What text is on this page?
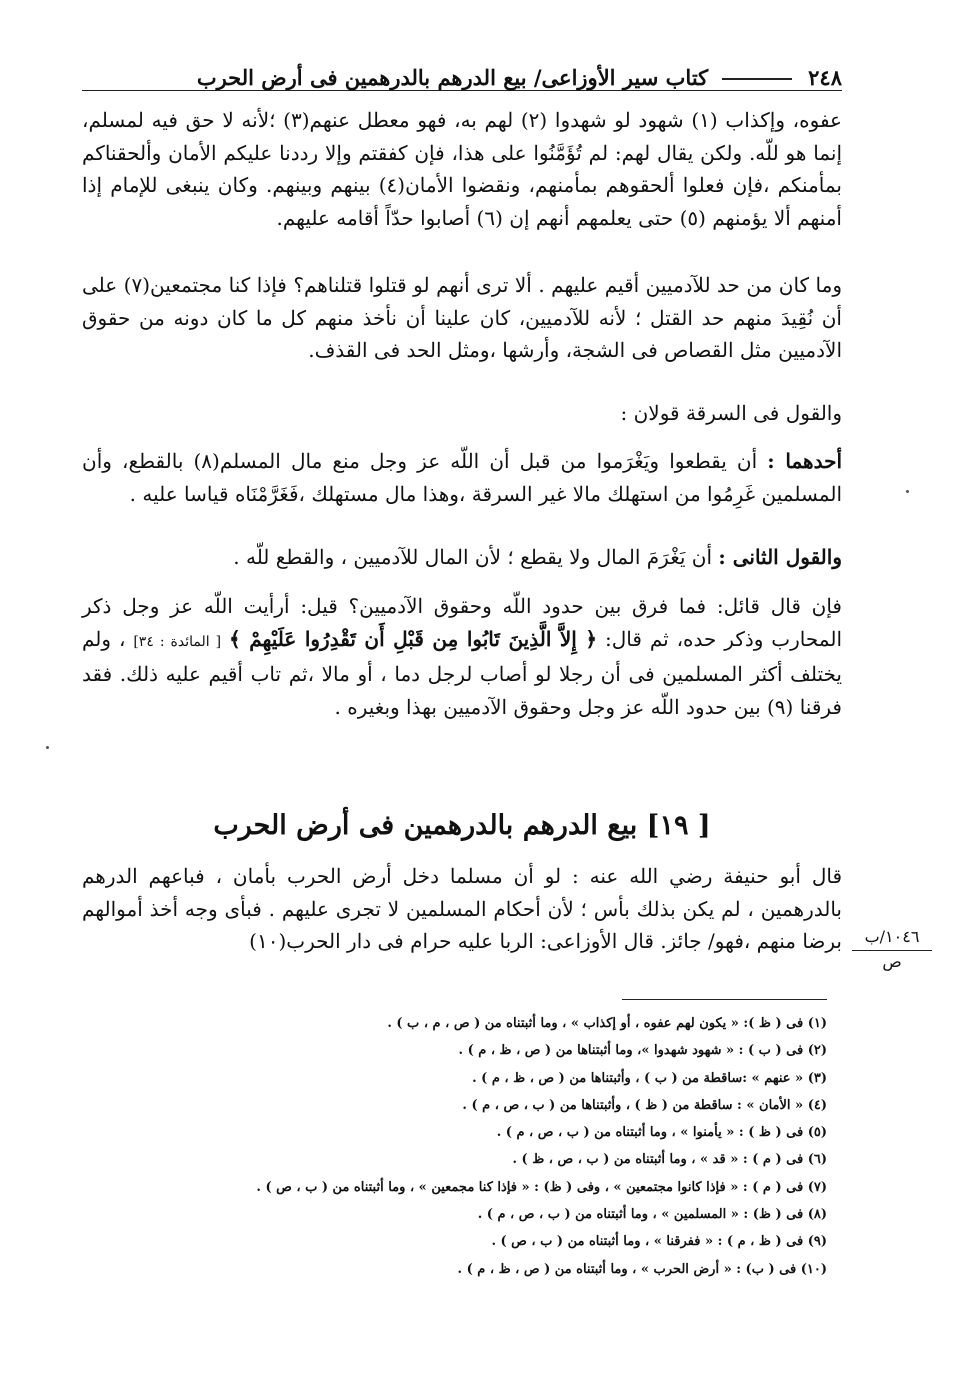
٢٤٨
كتاب سير الأوزاعى/ بيع الدرهم بالدرهمين فى أرض الحرب
عفوه، وإكذاب (١) شهود لو شهدوا (٢) لهم به، فهو معطل عنهم(٣) ؛لأنه لا حق فيه لمسلم، إنما هو للّه. ولكن يقال لهم: لم تُؤَمَّنُوا على هذا، فإن كفقتم وإلا رددنا عليكم الأمان وألحقناكم بمأمنكم ،فإن فعلوا ألحقوهم بمأمنهم، ونقضوا الأمان(٤) بينهم وبينهم. وكان ينبغى للإمام إذا أمنهم ألا يؤمنهم (٥) حتى يعلمهم أنهم إن (٦) أصابوا حدّاً أقامه عليهم.
وما كان من حد للآدميين أقيم عليهم . ألا ترى أنهم لو قتلوا قتلناهم؟ فإذا كنا مجتمعين(٧) على أن نُقِيدَ منهم حد القتل ؛ لأنه للآدميين، كان علينا أن نأخذ منهم كل ما كان دونه من حقوق الآدميين مثل القصاص فى الشجة، وأرشها ،ومثل الحد فى القذف.
والقول فى السرقة قولان :
أحدهما : أن يقطعوا ويَغْرَموا من قبل أن اللّه عز وجل منع مال المسلم(٨) بالقطع، وأن المسلمين غَرِمُوا من استهلك مالا غير السرقة ،وهذا مال مستهلك ،فَغَرَّمْنَاه قياسا عليه .
والقول الثانى : أن يَغْرَمَ المال ولا يقطع ؛ لأن المال للآدميين ، والقطع للّه .
فإن قال قائل: فما فرق بين حدود اللّه وحقوق الآدميين؟ قيل: أرأيت اللّه عز وجل ذكر المحارب وذكر حده، ثم قال: ﴿ إِلاَّ الَّذِينَ تَابُوا مِن قَبْلِ أَن تَقْدِرُوا عَلَيْهِمْ ﴾ [ المائدة : ٣٤] ، ولم يختلف أكثر المسلمين فى أن رجلا لو أصاب لرجل دما ، أو مالا ،ثم تاب أقيم عليه ذلك. فقد فرقنا (٩) بين حدود اللّه عز وجل وحقوق الآدميين بهذا وبغيره .
[ ١٩] بيع الدرهم بالدرهمين فى أرض الحرب
قال أبو حنيفة رضي الله عنه : لو أن مسلما دخل أرض الحرب بأمان ، فباعهم الدرهم بالدرهمين ، لم يكن بذلك بأس ؛ لأن أحكام المسلمين لا تجرى عليهم . فبأى وجه أخذ أموالهم برضا منهم ،فهو/ جائز. قال الأوزاعى: الربا عليه حرام فى دار الحرب(١٠)	١٠٤٦/ب
ص
(١) فى ( ظ ): « يكون لهم عفوه ، أو إكذاب » ، وما أثبتناه من ( ص ، م ، ب ) .
(٢) فى ( ب ) : « شهود شهدوا »، وما أثبتناها من ( ص ، ظ ، م ) .
(٣) « عنهم » :ساقطة من ( ب ) ، وأثبتناها من ( ص ، ظ ، م ) .
(٤) « الأمان » : ساقطة من ( ظ ) ، وأثبتناها من ( ب ، ص ، م ) .
(٥) فى ( ظ ) : « يأمنوا » ، وما أثبتناه من ( ب ، ص ، م ) .
(٦) فى ( م ) : « قد » ، وما أثبتناه من ( ب ، ص ، ظ ) .
(٧) فى ( م ) : « فإذا كانوا مجتمعين » ، وفى ( ظ) : « فإذا كنا مجمعين » ، وما أثبتناه من ( ب ، ص ) .
(٨) فى ( ظ) : « المسلمين » ، وما أثبتناه من ( ب ، ص ، م ) .
(٩) فى ( ظ ، م ) : « ففرقنا » ، وما أثبتناه من ( ب ، ص ) .
(١٠) فى ( ب) : « أرض الحرب » ، وما أثبتناه من ( ص ، ظ ، م ) .
